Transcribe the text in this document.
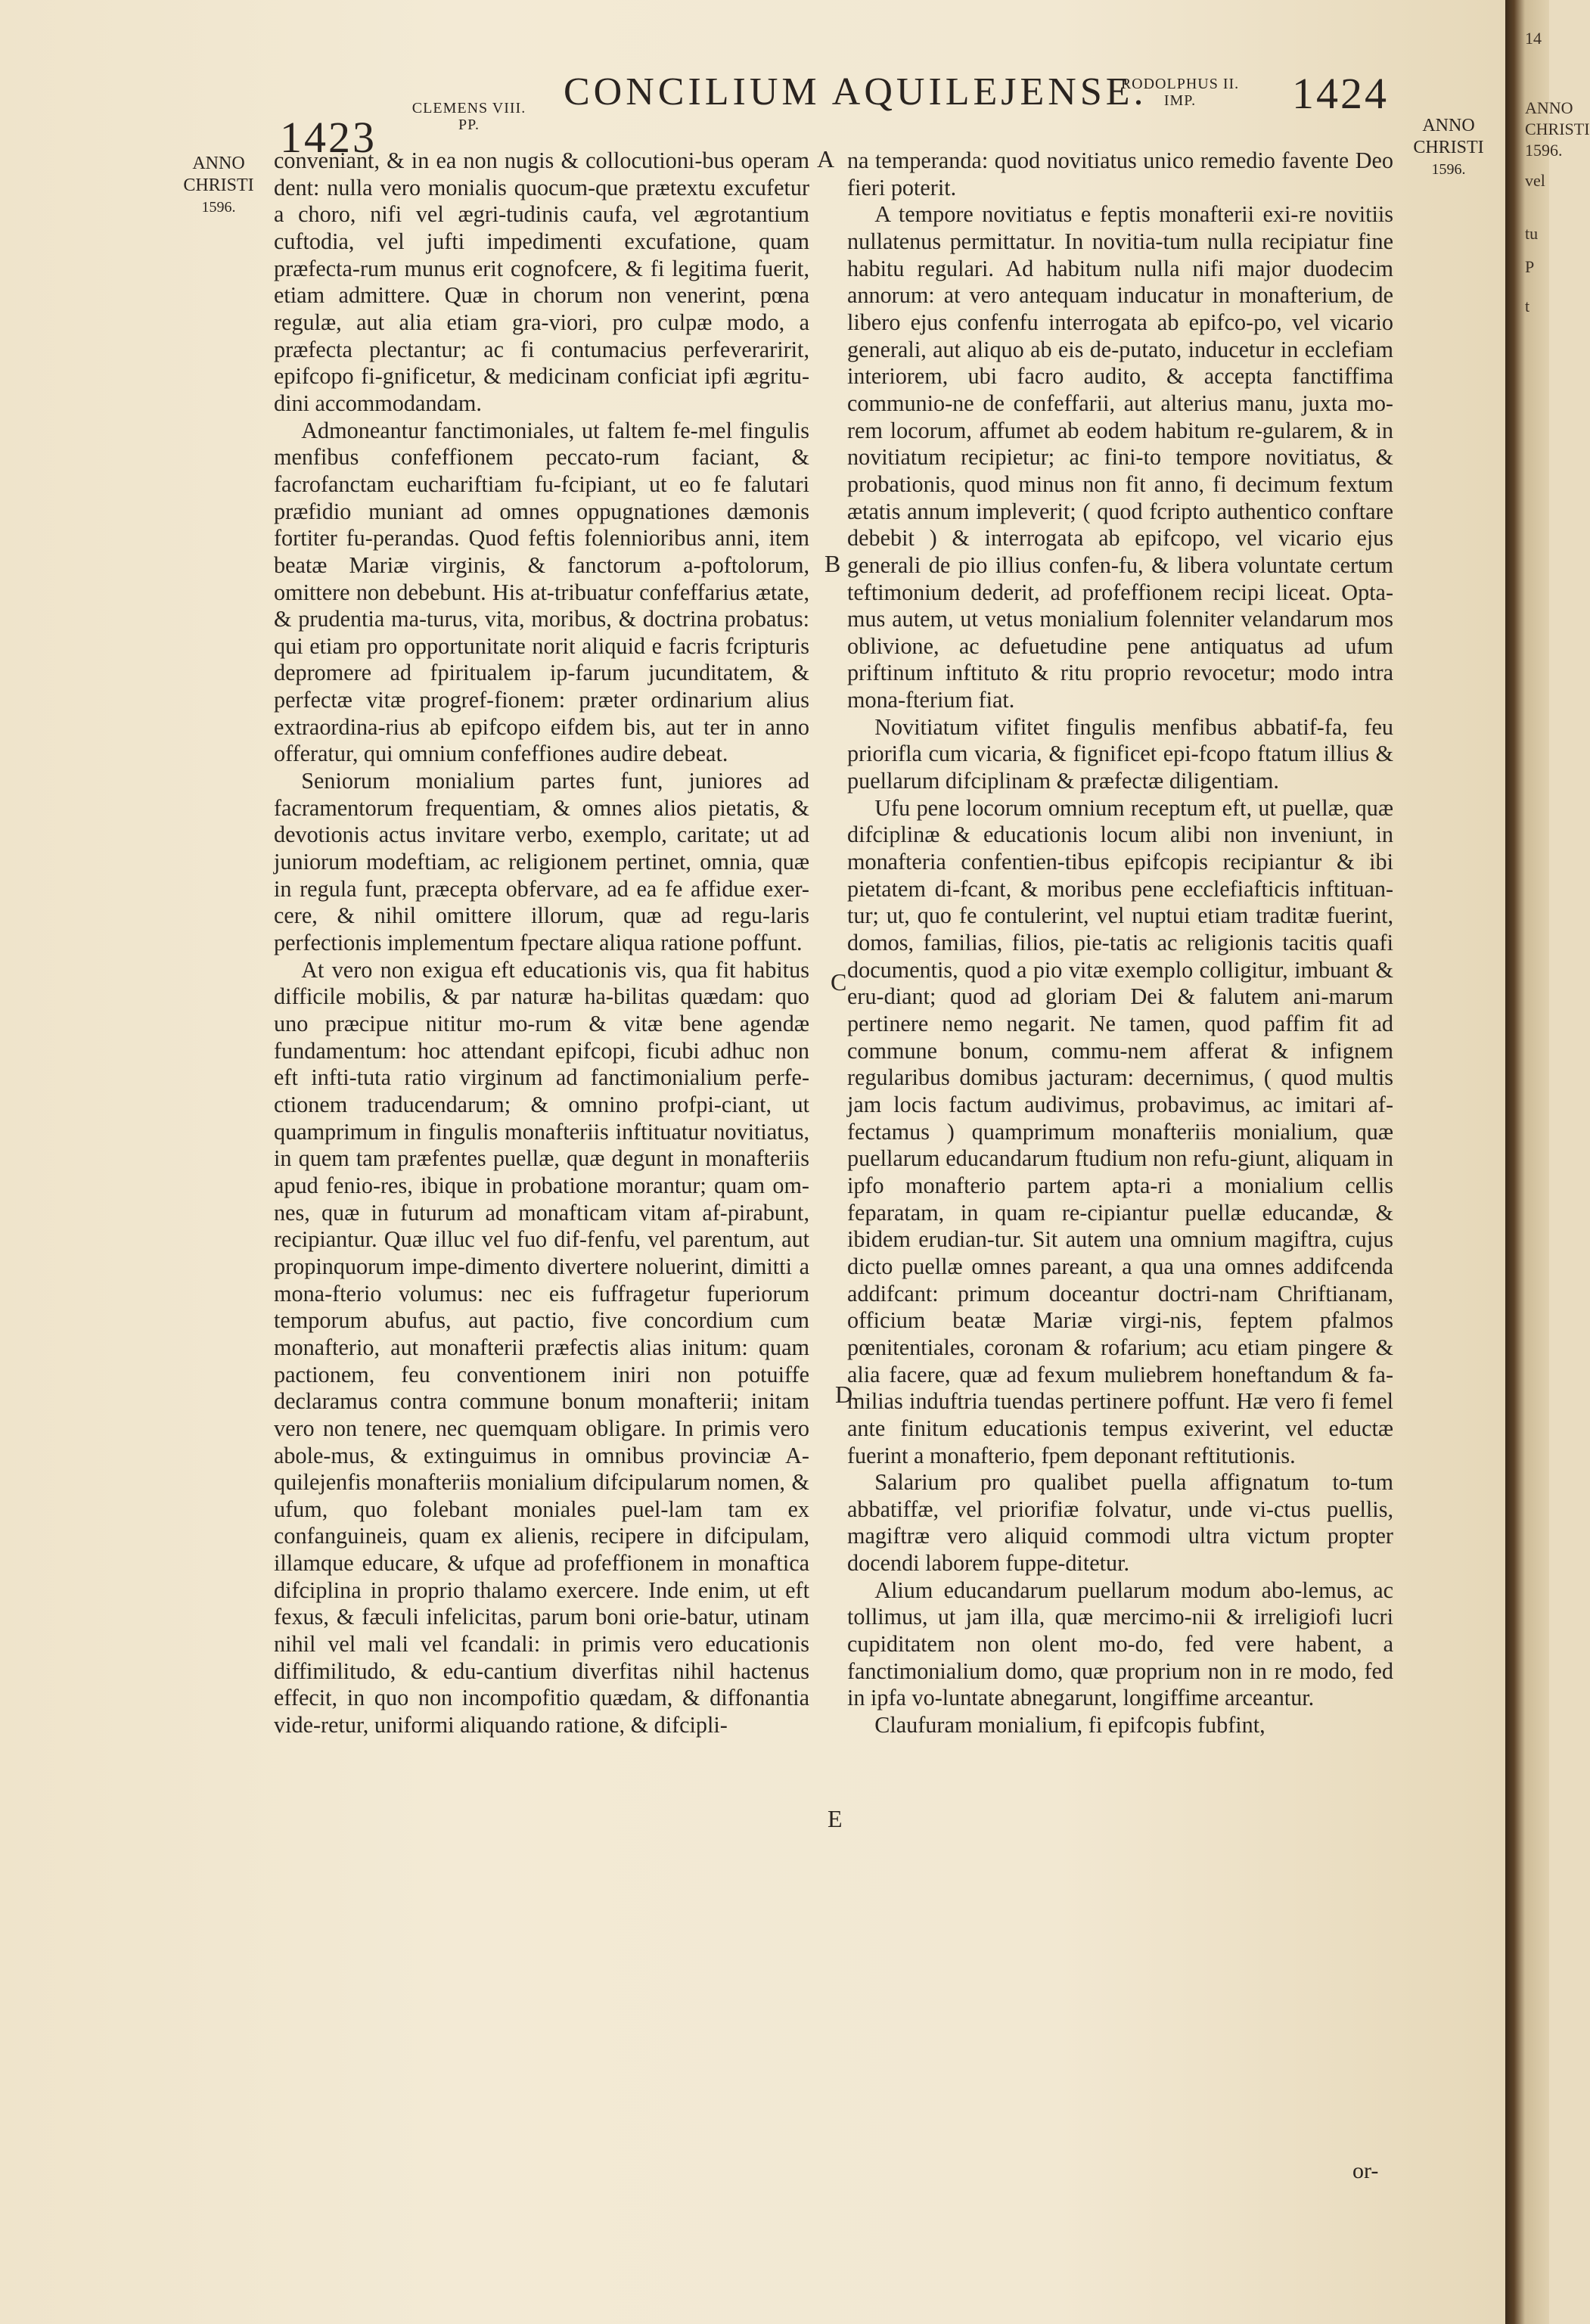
1423
CLEMENS VIII.
PP.
CONCILIUM AQUILEJENSE.
RODOLPHUS II.
IMP.	1424
ANNO
CHRISTI
1596.
ANNO
CHRISTI
1596.

conveniant, & in ea non nugis & collocutioni-bus operam dent: nulla vero monialis quocum-que prætextu excufetur a choro, nifi vel ægri-tudinis caufa, vel ægrotantium cuftodia, vel jufti impedimenti excufatione, quam præfecta-rum munus erit cognofcere, & fi legitima fuerit, etiam admittere. Quæ in chorum non venerint, pœna regulæ, aut alia etiam gra-viori, pro culpæ modo, a præfecta plectantur; ac fi contumacius perfeveraririt, epifcopo fi-gnificetur, & medicinam conficiat ipfi ægritu-dini accommodandam.

Admoneantur fanctimoniales, ut faltem fe-mel fingulis menfibus confeffionem peccato-rum faciant, & facrofanctam euchariftiam fu-fcipiant, ut eo fe falutari præfidio muniant ad omnes oppugnationes dæmonis fortiter fu-perandas. Quod feftis folennioribus anni, item beatæ Mariæ virginis, & fanctorum a-poftolorum, omittere non debebunt. His at-tribuatur confeffarius ætate, & prudentia ma-turus, vita, moribus, & doctrina probatus: qui etiam pro opportunitate norit aliquid e facris fcripturis depromere ad fpiritualem ip-farum jucunditatem, & perfectæ vitæ progref-fionem: præter ordinarium alius extraordina-rius ab epifcopo eifdem bis, aut ter in anno offeratur, qui omnium confeffiones audire debeat.

Seniorum monialium partes funt, juniores ad facramentorum frequentiam, & omnes alios pietatis, & devotionis actus invitare verbo, exemplo, caritate; ut ad juniorum modeftiam, ac religionem pertinet, omnia, quæ in regula funt, præcepta obfervare, ad ea fe affidue exer-cere, & nihil omittere illorum, quæ ad regu-laris perfectionis implementum fpectare aliqua ratione poffunt.

At vero non exigua eft educationis vis, qua fit habitus difficile mobilis, & par naturæ ha-bilitas quædam: quo uno præcipue nititur mo-rum & vitæ bene agendæ fundamentum: hoc attendant epifcopi, ficubi adhuc non eft infti-tuta ratio virginum ad fanctimonialium perfe-ctionem traducendarum; & omnino profpi-ciant, ut quamprimum in fingulis monafteriis inftituatur novitiatus, in quem tam præfentes puellæ, quæ degunt in monafteriis apud fenio-res, ibique in probatione morantur; quam om-nes, quæ in futurum ad monafticam vitam af-pirabunt, recipiantur. Quæ illuc vel fuo dif-fenfu, vel parentum, aut propinquorum impe-dimento divertere noluerint, dimitti a mona-fterio volumus: nec eis fuffragetur fuperiorum temporum abufus, aut pactio, five concordium cum monafterio, aut monafterii præfectis alias initum: quam pactionem, feu conventionem iniri non potuiffe declaramus contra commune bonum monafterii; initam vero non tenere, nec quemquam obligare. In primis vero abole-mus, & extinguimus in omnibus provinciæ A-quilejenfis monafteriis monialium difcipularum nomen, & ufum, quo folebant moniales puel-lam tam ex confanguineis, quam ex alienis, recipere in difcipulam, illamque educare, & ufque ad profeffionem in monaftica difciplina in proprio thalamo exercere. Inde enim, ut eft fexus, & fæculi infelicitas, parum boni orie-batur, utinam nihil vel mali vel fcandali: in primis vero educationis diffimilitudo, & edu-cantium diverfitas nihil hactenus effecit, in quo non incompofitio quædam, & diffonantia vide-retur, uniformi aliquando ratione, & difcipli-

A
B
C
D
E

na temperanda: quod novitiatus unico remedio favente Deo fieri poterit.

A tempore novitiatus e feptis monafterii exi-re novitiis nullatenus permittatur. In novitia-tum nulla recipiatur fine habitu regulari. Ad habitum nulla nifi major duodecim annorum: at vero antequam inducatur in monafterium, de libero ejus confenfu interrogata ab epifco-po, vel vicario generali, aut aliquo ab eis de-putato, inducetur in ecclefiam interiorem, ubi facro audito, & accepta fanctiffima communio-ne de confeffarii, aut alterius manu, juxta mo-rem locorum, affumet ab eodem habitum re-gularem, & in novitiatum recipietur; ac fini-to tempore novitiatus, & probationis, quod minus non fit anno, fi decimum fextum ætatis annum impleverit; ( quod fcripto authentico conftare debebit ) & interrogata ab epifcopo, vel vicario ejus generali de pio illius confen-fu, & libera voluntate certum teftimonium dederit, ad profeffionem recipi liceat. Opta-mus autem, ut vetus monialium folenniter velandarum mos oblivione, ac defuetudine pene antiquatus ad ufum priftinum inftituto & ritu proprio revocetur; modo intra mona-fterium fiat.

Novitiatum vifitet fingulis menfibus abbatif-fa, feu priorifla cum vicaria, & fignificet epi-fcopo ftatum illius & puellarum difciplinam & præfectæ diligentiam.

Ufu pene locorum omnium receptum eft, ut puellæ, quæ difciplinæ & educationis locum alibi non inveniunt, in monafteria confentien-tibus epifcopis recipiantur & ibi pietatem di-fcant, & moribus pene ecclefiafticis inftituan-tur; ut, quo fe contulerint, vel nuptui etiam traditæ fuerint, domos, familias, filios, pie-tatis ac religionis tacitis quafi documentis, quod a pio vitæ exemplo colligitur, imbuant & eru-diant; quod ad gloriam Dei & falutem ani-marum pertinere nemo negarit. Ne tamen, quod paffim fit ad commune bonum, commu-nem afferat & infignem regularibus domibus jacturam: decernimus, ( quod multis jam locis factum audivimus, probavimus, ac imitari af-fectamus ) quamprimum monafteriis monialium, quæ puellarum educandarum ftudium non refu-giunt, aliquam in ipfo monafterio partem apta-ri a monialium cellis feparatam, in quam re-cipiantur puellæ educandæ, & ibidem erudian-tur. Sit autem una omnium magiftra, cujus dicto puellæ omnes pareant, a qua una omnes addifcenda addifcant: primum doceantur doctri-nam Chriftianam, officium beatæ Mariæ virgi-nis, feptem pfalmos pœnitentiales, coronam & rofarium; acu etiam pingere & alia facere, quæ ad fexum muliebrem honeftandum & fa-milias induftria tuendas pertinere poffunt. Hæ vero fi femel ante finitum educationis tempus exiverint, vel eductæ fuerint a monafterio, fpem deponant reftitutionis.

Salarium pro qualibet puella affignatum to-tum abbatiffæ, vel priorifiæ folvatur, unde vi-ctus puellis, magiftræ vero aliquid commodi ultra victum propter docendi laborem fuppe-ditetur.

Alium educandarum puellarum modum abo-lemus, ac tollimus, ut jam illa, quæ mercimo-nii & irreligiofi lucri cupiditatem non olent mo-do, fed vere habent, a fanctimonialium domo, quæ proprium non in re modo, fed in ipfa vo-luntate abnegarunt, longiffime arceantur.

Claufuram monialium, fi epifcopis fubfint,

or-
14
ANNO
CHRISTI
1596.
vel
tu
P
t
